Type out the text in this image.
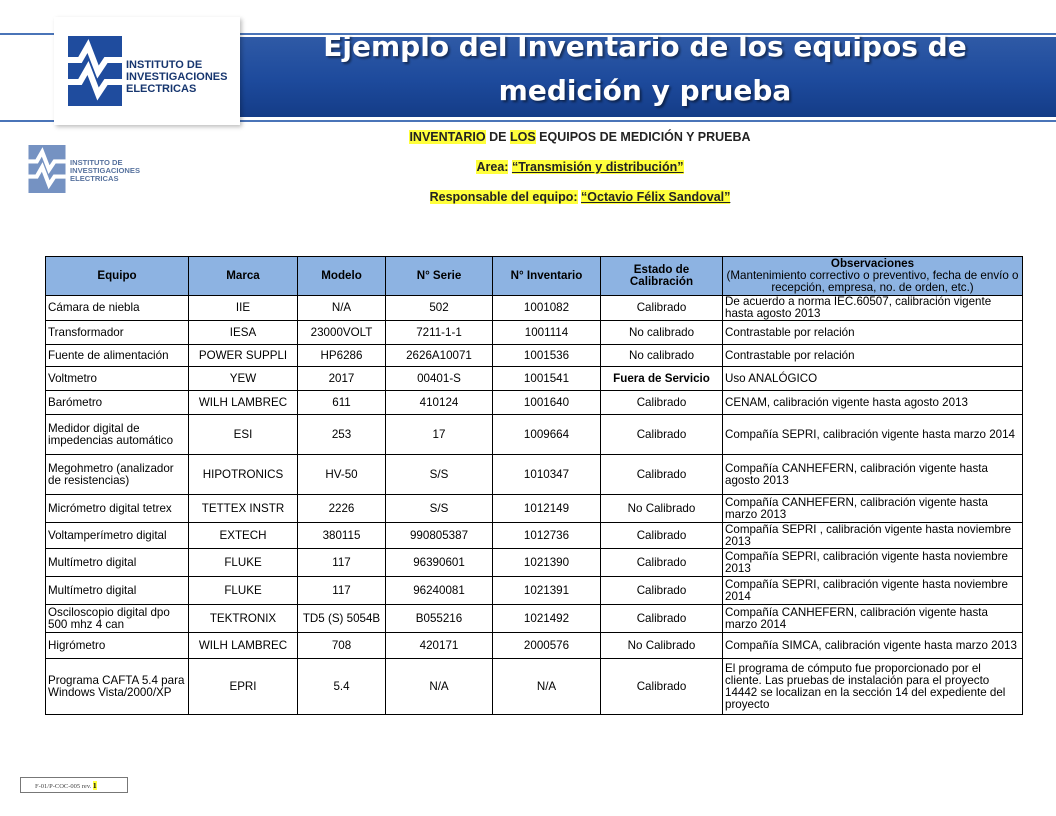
Ejemplo del Inventario de los equipos de
medición y prueba
INSTITUTO DE
INVESTIGACIONES
ELECTRICAS
INSTITUTO DE
INVESTIGACIONES
ELECTRICAS
INVENTARIO DE LOS EQUIPOS DE MEDICIÓN Y PRUEBA
Area: “Transmisión y distribución”
Responsable del equipo: “Octavio Félix Sandoval”
Equipo	Marca	Modelo	N° Serie	N° Inventario	Estado de Calibración	Observaciones
(Mantenimiento correctivo o preventivo, fecha de envío o recepción, empresa, no. de orden, etc.)

Cámara de niebla	IIE	N/A	502	1001082	Calibrado	De acuerdo a norma IEC.60507, calibración vigente hasta agosto 2013
Transformador	IESA	23000VOLT	7211-1-1	1001114	No calibrado	Contrastable por relación
Fuente de alimentación	POWER SUPPLI	HP6286	2626A10071	1001536	No calibrado	Contrastable por relación
Voltmetro	YEW	2017	00401-S	1001541	Fuera de Servicio	Uso ANALÓGICO
Barómetro	WILH LAMBREC	611	410124	1001640	Calibrado	CENAM, calibración vigente hasta agosto 2013
Medidor digital de impedencias automático	ESI	253	17	1009664	Calibrado	Compañía SEPRI, calibración vigente hasta marzo 2014
Megohmetro (analizador de resistencias)	HIPOTRONICS	HV-50	S/S	1010347	Calibrado	Compañía CANHEFERN, calibración vigente hasta agosto 2013
Micrómetro digital tetrex	TETTEX INSTR	2226	S/S	1012149	No Calibrado	Compañía CANHEFERN, calibración vigente hasta marzo 2013
Voltamperímetro digital	EXTECH	380115	990805387	1012736	Calibrado	Compañía SEPRI , calibración vigente hasta noviembre 2013
Multímetro digital	FLUKE	117	96390601	1021390	Calibrado	Compañía SEPRI, calibración vigente hasta noviembre 2013
Multímetro digital	FLUKE	117	96240081	1021391	Calibrado	Compañía SEPRI, calibración vigente hasta noviembre 2014
Osciloscopio digital dpo 500 mhz 4 can	TEKTRONIX	TD5 (S) 5054B	B055216	1021492	Calibrado	Compañía CANHEFERN, calibración vigente hasta marzo 2014
Higrómetro	WILH LAMBREC	708	420171	2000576	No Calibrado	Compañía SIMCA, calibración vigente hasta marzo 2013
Programa CAFTA 5.4 para Windows Vista/2000/XP	EPRI	5.4	N/A	N/A	Calibrado	El programa de cómputo fue proporcionado por el cliente. Las pruebas de instalación para el proyecto 14442 se localizan en la sección 14 del expediente del proyecto
F-01/P-COC-005 rev. 1
